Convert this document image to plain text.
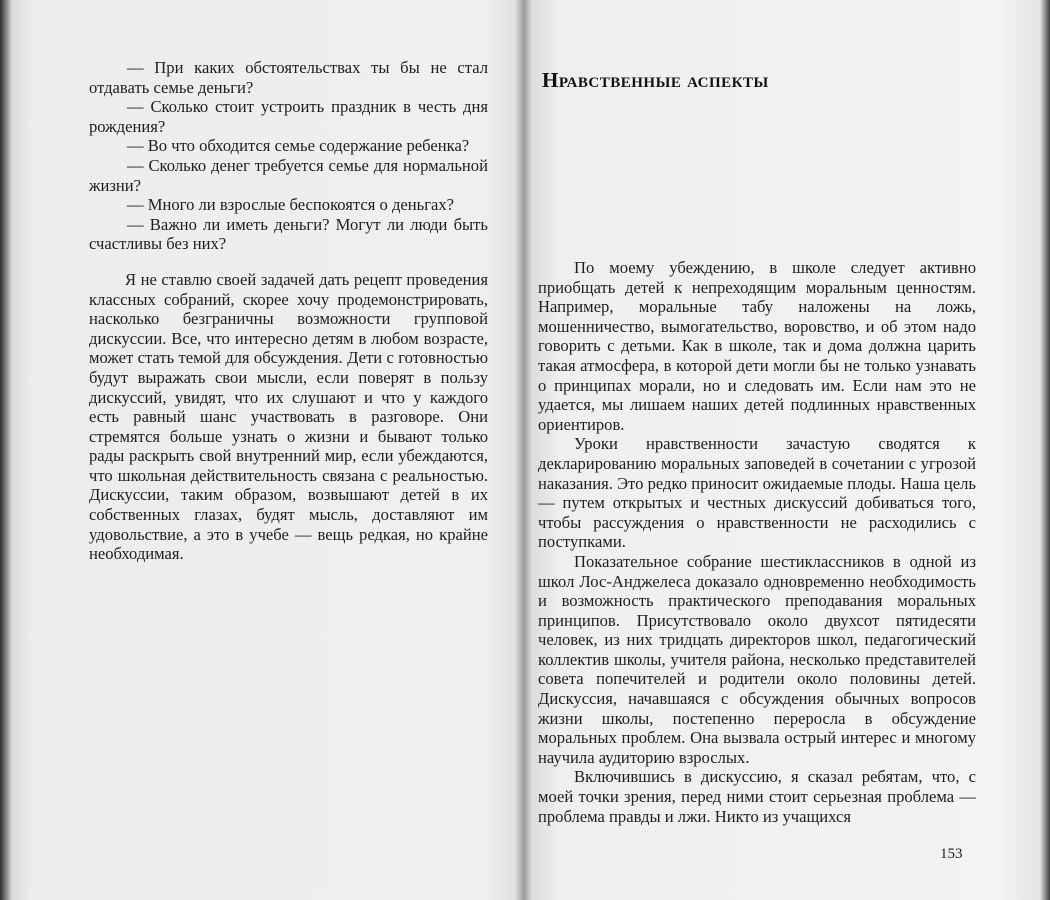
— При каких обстоятельствах ты бы не стал отдавать семье деньги?

— Сколько стоит устроить праздник в честь дня рождения?

— Во что обходится семье содержание ребенка?

— Сколько денег требуется семье для нормальной жизни?

— Много ли взрослые беспокоятся о деньгах?

— Важно ли иметь деньги? Могут ли люди быть счастливы без них?

Я не ставлю своей задачей дать рецепт проведения классных собраний, скорее хочу продемонстрировать, насколько безграничны возможности групповой дискуссии. Все, что интересно детям в любом возрасте, может стать темой для обсуждения. Дети с готовностью будут выражать свои мысли, если поверят в пользу дискуссий, увидят, что их слушают и что у каждого есть равный шанс участвовать в разговоре. Они стремятся больше узнать о жизни и бывают только рады раскрыть свой внутренний мир, если убеждаются, что школьная действительность связана с реальностью. Дискуссии, таким образом, возвышают детей в их собственных глазах, будят мысль, доставляют им удовольствие, а это в учебе — вещь редкая, но крайне необходимая.

Нравственные аспекты

По моему убеждению, в школе следует активно приобщать детей к непреходящим моральным ценностям. Например, моральные табу наложены на ложь, мошенничество, вымогательство, воровство, и об этом надо говорить с детьми. Как в школе, так и дома должна царить такая атмосфера, в которой дети могли бы не только узнавать о принципах морали, но и следовать им. Если нам это не удается, мы лишаем наших детей подлинных нравственных ориентиров.

Уроки нравственности зачастую сводятся к декларированию моральных заповедей в сочетании с угрозой наказания. Это редко приносит ожидаемые плоды. Наша цель — путем открытых и честных дискуссий добиваться того, чтобы рассуждения о нравственности не расходились с поступками.

Показательное собрание шестиклассников в одной из школ Лос-Анджелеса доказало одновременно необходимость и возможность практического преподавания моральных принципов. Присутствовало около двухсот пятидесяти человек, из них тридцать директоров школ, педагогический коллектив школы, учителя района, несколько представителей совета попечителей и родители около половины детей. Дискуссия, начавшаяся с обсуждения обычных вопросов жизни школы, постепенно переросла в обсуждение моральных проблем. Она вызвала острый интерес и многому научила аудиторию взрослых.

Включившись в дискуссию, я сказал ребятам, что, с моей точки зрения, перед ними стоит серьезная проблема — проблема правды и лжи. Никто из учащихся

153
